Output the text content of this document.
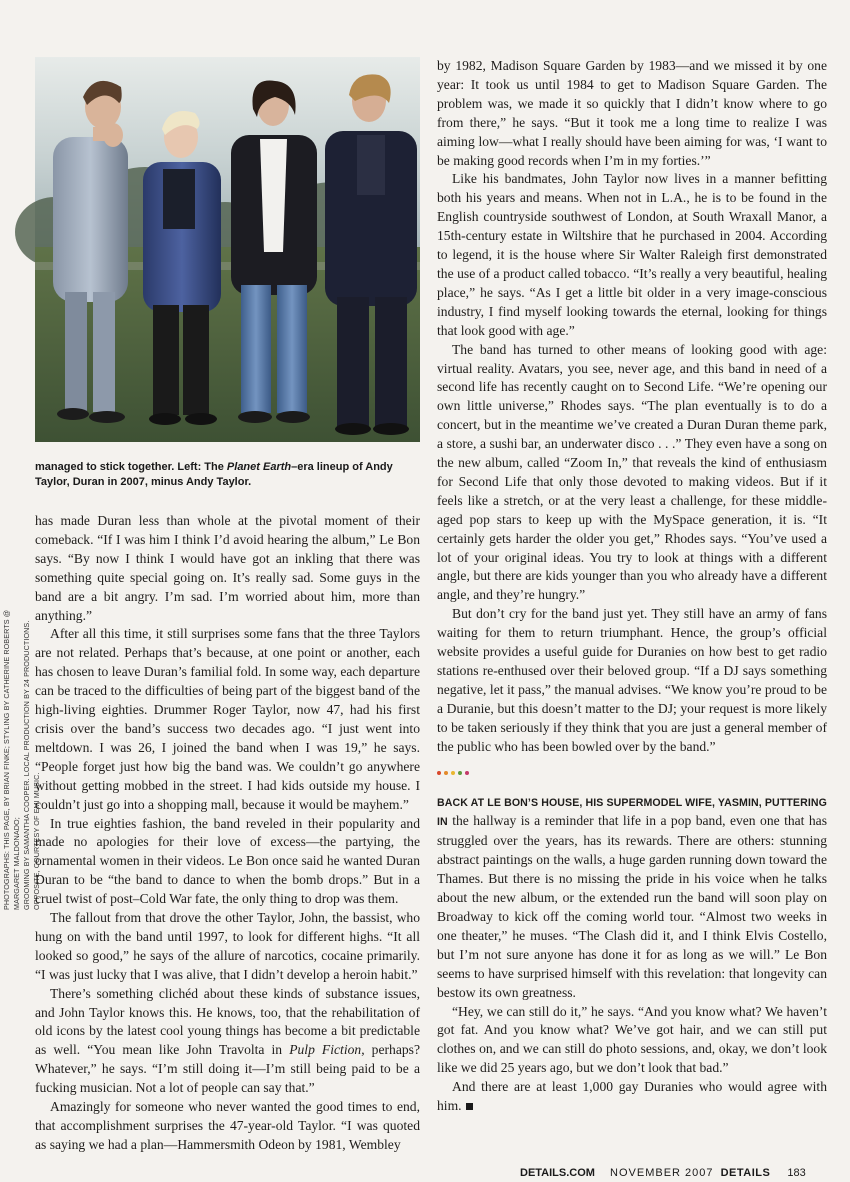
managed to stick together. Left: The Planet Earth–era lineup of Andy Taylor, Duran in 2007, minus Andy Taylor.
PHOTOGRAPHS: THIS PAGE, BY BRIAN FINKE; STYLING BY CATHERINE ROBERTS @ MARGARET MALDONADO; GROOMING BY SAMANTHA COOPER. LOCAL PRODUCTION BY 24 PRODUCTIONS. OPPOSITE, COURTESY OF EMI MUSIC.

has made Duran less than whole at the pivotal moment of their comeback. “If I was him I think I’d avoid hearing the album,” Le Bon says. “By now I think I would have got an inkling that there was something quite special going on. It’s really sad. Some guys in the band are a bit angry. I’m sad. I’m worried about him, more than anything.”

After all this time, it still surprises some fans that the three Taylors are not related. Perhaps that’s because, at one point or another, each has chosen to leave Duran’s familial fold. In some way, each departure can be traced to the difficulties of being part of the biggest band of the high-living eighties. Drummer Roger Taylor, now 47, had his first crisis over the band’s success two decades ago. “I just went into meltdown. I was 26, I joined the band when I was 19,” he says. “People forget just how big the band was. We couldn’t go anywhere without getting mobbed in the street. I had kids outside my house. I couldn’t just go into a shopping mall, because it would be mayhem.”

In true eighties fashion, the band reveled in their popularity and made no apologies for their love of excess—the partying, the ornamental women in their videos. Le Bon once said he wanted Duran Duran to be “the band to dance to when the bomb drops.” But in a cruel twist of post–Cold War fate, the only thing to drop was them.

The fallout from that drove the other Taylor, John, the bassist, who hung on with the band until 1997, to look for different highs. “It all looked so good,” he says of the allure of narcotics, cocaine primarily. “I was just lucky that I was alive, that I didn’t develop a heroin habit.”

There’s something clichéd about these kinds of substance issues, and John Taylor knows this. He knows, too, that the rehabilitation of old icons by the latest cool young things has become a bit predictable as well. “You mean like John Travolta in Pulp Fiction, perhaps? Whatever,” he says. “I’m still doing it—I’m still being paid to be a fucking musician. Not a lot of people can say that.”

Amazingly for someone who never wanted the good times to end, that accomplishment surprises the 47-year-old Taylor. “I was quoted as saying we had a plan—Hammersmith Odeon by 1981, Wembley

by 1982, Madison Square Garden by 1983—and we missed it by one year: It took us until 1984 to get to Madison Square Garden. The problem was, we made it so quickly that I didn’t know where to go from there,” he says. “But it took me a long time to realize I was aiming low—what I really should have been aiming for was, ‘I want to be making good records when I’m in my forties.’”

Like his bandmates, John Taylor now lives in a manner befitting both his years and means. When not in L.A., he is to be found in the English countryside southwest of London, at South Wraxall Manor, a 15th-century estate in Wiltshire that he purchased in 2004. According to legend, it is the house where Sir Walter Raleigh first demonstrated the use of a product called tobacco. “It’s really a very beautiful, healing place,” he says. “As I get a little bit older in a very image-conscious industry, I find myself looking towards the eternal, looking for things that look good with age.”

The band has turned to other means of looking good with age: virtual reality. Avatars, you see, never age, and this band in need of a second life has recently caught on to Second Life. “We’re opening our own little universe,” Rhodes says. “The plan eventually is to do a concert, but in the meantime we’ve created a Duran Duran theme park, a store, a sushi bar, an underwater disco . . .” They even have a song on the new album, called “Zoom In,” that reveals the kind of enthusiasm for Second Life that only those devoted to making videos. But if it feels like a stretch, or at the very least a challenge, for these middle-aged pop stars to keep up with the MySpace generation, it is. “It certainly gets harder the older you get,” Rhodes says. “You’ve used a lot of your original ideas. You try to look at things with a different angle, but there are kids younger than you who already have a different angle, and they’re hungry.”

But don’t cry for the band just yet. They still have an army of fans waiting for them to return triumphant. Hence, the group’s official website provides a useful guide for Duranies on how best to get radio stations re-enthused over their beloved group. “If a DJ says something negative, let it pass,” the manual advises. “We know you’re proud to be a Duranie, but this doesn’t matter to the DJ; your request is more likely to be taken seriously if they think that you are just a general member of the public who has been bowled over by the band.”

BACK AT LE BON’S HOUSE, HIS SUPERMODEL WIFE, YASMIN, PUTTERING IN the hallway is a reminder that life in a pop band, even one that has struggled over the years, has its rewards. There are others: stunning abstract paintings on the walls, a huge garden running down toward the Thames. But there is no missing the pride in his voice when he talks about the new album, or the extended run the band will soon play on Broadway to kick off the coming world tour. “Almost two weeks in one theater,” he muses. “The Clash did it, and I think Elvis Costello, but I’m not sure anyone has done it for as long as we will.” Le Bon seems to have surprised himself with this revelation: that longevity can bestow its own greatness.

“Hey, we can still do it,” he says. “And you know what? We haven’t got fat. And you know what? We’ve got hair, and we can still put clothes on, and we can still do photo sessions, and, okay, we don’t look like we did 25 years ago, but we don’t look that bad.”

And there are at least 1,000 gay Duranies who would agree with him.

DETAILS.COM NOVEMBER 2007 DETAILS 183
